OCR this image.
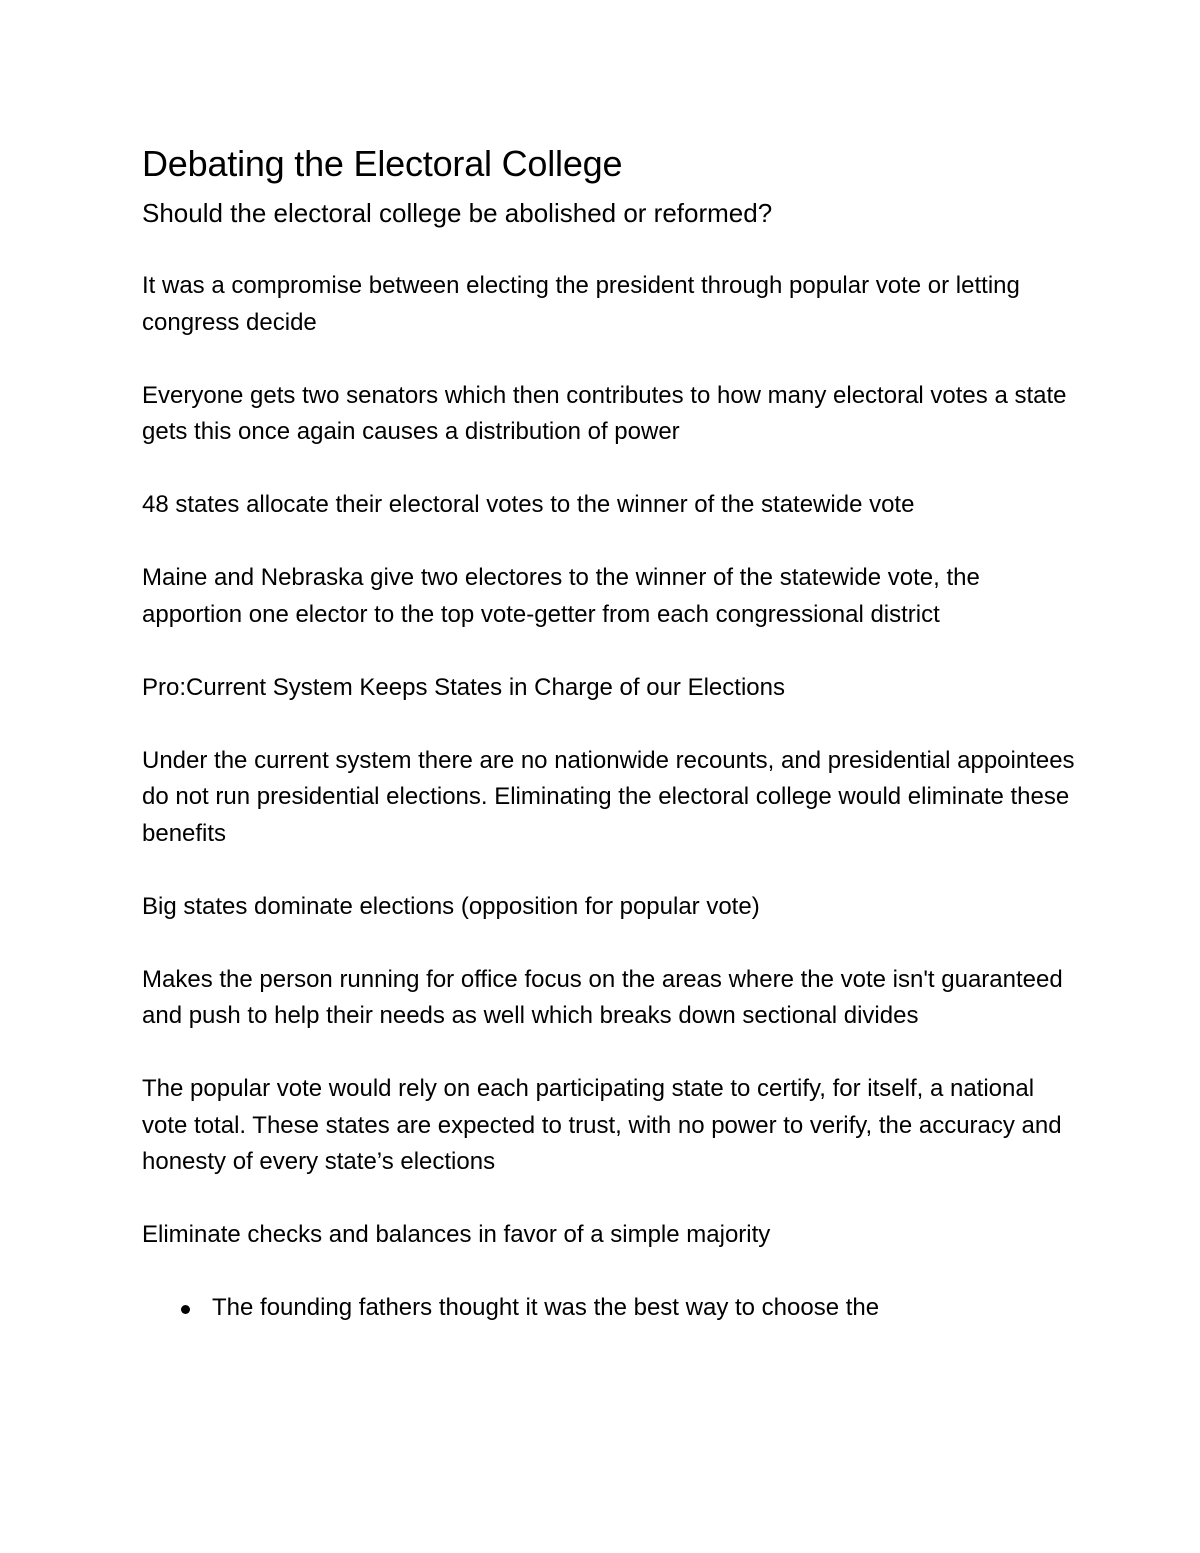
Debating the Electoral College
Should the electoral college be abolished or reformed?

It was a compromise between electing the president through popular vote or letting congress decide

Everyone gets two senators which then contributes to how many electoral votes a state gets this once again causes a distribution of power

48 states allocate their electoral votes to the winner of the statewide vote

Maine and Nebraska give two electores to the winner of the statewide vote, the apportion one elector to the top vote-getter from each congressional district

Pro:Current System Keeps States in Charge of our Elections

Under the current system there are no nationwide recounts, and presidential appointees do not run presidential elections. Eliminating the electoral college would eliminate these benefits

Big states dominate elections (opposition for popular vote)

Makes the person running for office focus on the areas where the vote isn't guaranteed and push to help their needs as well which breaks down sectional divides

The popular vote would rely on each participating state to certify, for itself, a national vote total. These states are expected to trust, with no power to verify, the accuracy and honesty of every state’s elections

Eliminate checks and balances in favor of a simple majority

The founding fathers thought it was the best way to choose the
